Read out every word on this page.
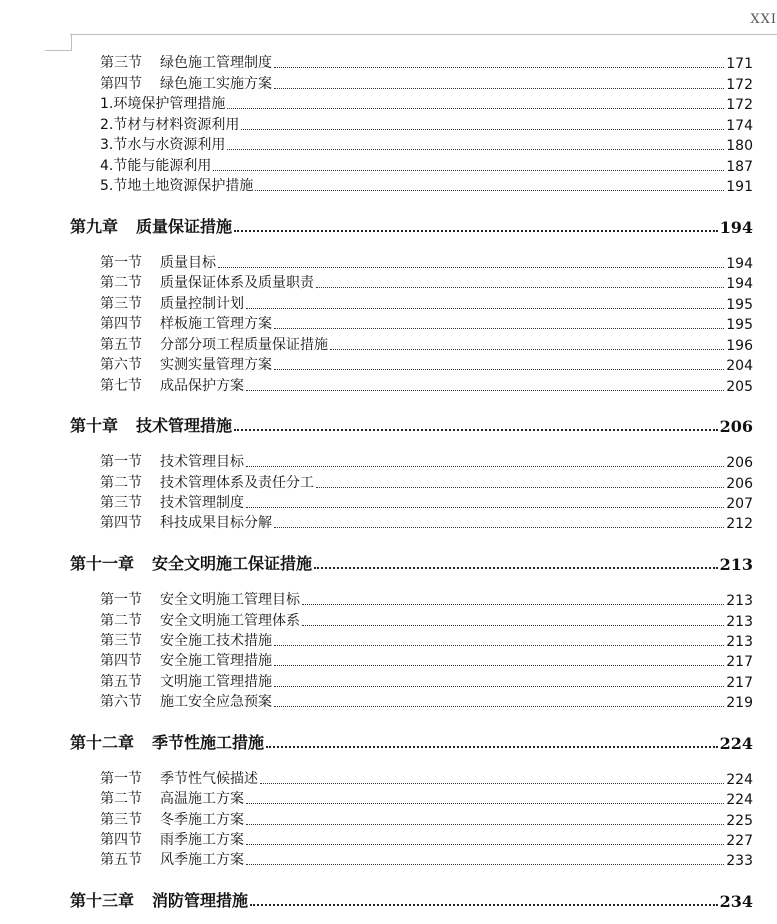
XXI
第三节	绿色施工管理制度	171
第四节	绿色施工实施方案	172
1.环境保护管理措施	172
2.节材与材料资源利用	174
3.节水与水资源利用	180
4.节能与能源利用	187
5.节地土地资源保护措施	191
第九章 质量保证措施	194
第一节	质量目标	194
第二节	质量保证体系及质量职责	194
第三节	质量控制计划	195
第四节	样板施工管理方案	195
第五节	分部分项工程质量保证措施	196
第六节	实测实量管理方案	204
第七节	成品保护方案	205
第十章 技术管理措施	206
第一节	技术管理目标	206
第二节	技术管理体系及责任分工	206
第三节	技术管理制度	207
第四节	科技成果目标分解	212
第十一章 安全文明施工保证措施	213
第一节	安全文明施工管理目标	213
第二节	安全文明施工管理体系	213
第三节	安全施工技术措施	213
第四节	安全施工管理措施	217
第五节	文明施工管理措施	217
第六节	施工安全应急预案	219
第十二章 季节性施工措施	224
第一节	季节性气候描述	224
第二节	高温施工方案	224
第三节	冬季施工方案	225
第四节	雨季施工方案	227
第五节	风季施工方案	233
第十三章 消防管理措施	234
